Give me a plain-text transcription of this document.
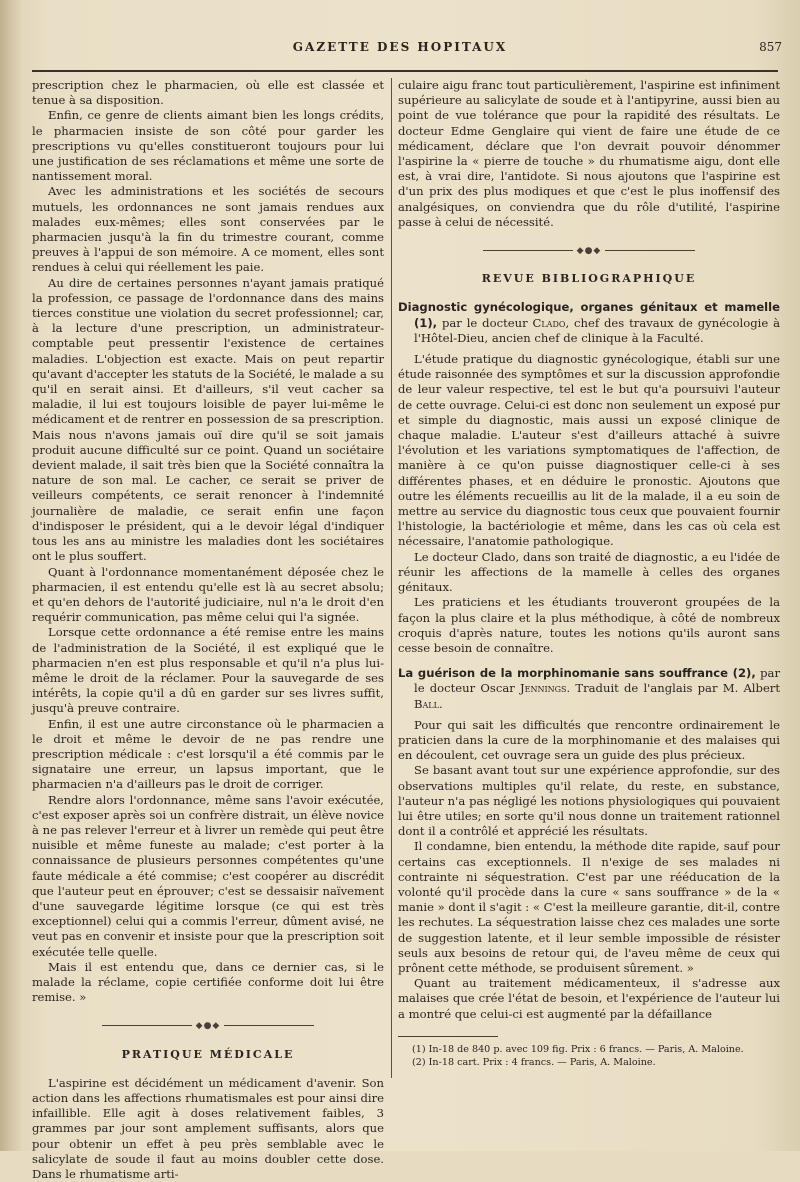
GAZETTE DES HOPITAUX	857

prescription chez le pharmacien, où elle est classée et tenue à sa disposition.

Enfin, ce genre de clients aimant bien les longs crédits, le pharmacien insiste de son côté pour garder les prescriptions vu qu'elles constitueront toujours pour lui une justification de ses réclamations et même une sorte de nantissement moral.

Avec les administrations et les sociétés de secours mutuels, les ordonnances ne sont jamais rendues aux malades eux-mêmes; elles sont conservées par le pharmacien jusqu'à la fin du trimestre courant, comme preuves à l'appui de son mémoire. A ce moment, elles sont rendues à celui qui réellement les paie.

Au dire de certaines personnes n'ayant jamais pratiqué la profession, ce passage de l'ordonnance dans des mains tierces constitue une violation du secret professionnel; car, à la lecture d'une prescription, un administrateur-comptable peut pressentir l'existence de certaines maladies. L'objection est exacte. Mais on peut repartir qu'avant d'accepter les statuts de la Société, le malade a su qu'il en serait ainsi. Et d'ailleurs, s'il veut cacher sa maladie, il lui est toujours loisible de payer lui-même le médicament et de rentrer en possession de sa prescription. Mais nous n'avons jamais ouï dire qu'il se soit jamais produit aucune difficulté sur ce point. Quand un sociétaire devient malade, il sait très bien que la Société connaîtra la nature de son mal. Le cacher, ce serait se priver de veilleurs compétents, ce serait renoncer à l'indemnité journalière de maladie, ce serait enfin une façon d'indisposer le président, qui a le devoir légal d'indiquer tous les ans au ministre les maladies dont les sociétaires ont le plus souffert.

Quant à l'ordonnance momentanément déposée chez le pharmacien, il est entendu qu'elle est là au secret absolu; et qu'en dehors de l'autorité judiciaire, nul n'a le droit d'en requérir communication, pas même celui qui l'a signée.

Lorsque cette ordonnance a été remise entre les mains de l'administration de la Société, il est expliqué que le pharmacien n'en est plus responsable et qu'il n'a plus lui-même le droit de la réclamer. Pour la sauvegarde de ses intérêts, la copie qu'il a dû en garder sur ses livres suffit, jusqu'à preuve contraire.

Enfin, il est une autre circonstance où le pharmacien a le droit et même le devoir de ne pas rendre une prescription médicale : c'est lorsqu'il a été commis par le signataire une erreur, un lapsus important, que le pharmacien n'a d'ailleurs pas le droit de corriger.

Rendre alors l'ordonnance, même sans l'avoir exécutée, c'est exposer après soi un confrère distrait, un élève novice à ne pas relever l'erreur et à livrer un remède qui peut être nuisible et même funeste au malade; c'est porter à la connaissance de plusieurs personnes compétentes qu'une faute médicale a été commise; c'est coopérer au discrédit que l'auteur peut en éprouver; c'est se dessaisir naïvement d'une sauvegarde légitime lorsque (ce qui est très exceptionnel) celui qui a commis l'erreur, dûment avisé, ne veut pas en convenir et insiste pour que la prescription soit exécutée telle quelle.

Mais il est entendu que, dans ce dernier cas, si le malade la réclame, copie certifiée conforme doit lui être remise. »

◆●◆
PRATIQUE MÉDICALE

L'aspirine est décidément un médicament d'avenir. Son action dans les affections rhumatismales est pour ainsi dire infaillible. Elle agit à doses relativement faibles, 3 grammes par jour sont amplement suffisants, alors que pour obtenir un effet à peu près semblable avec le salicylate de soude il faut au moins doubler cette dose. Dans le rhumatisme arti-

culaire aigu franc tout particulièrement, l'aspirine est infiniment supérieure au salicylate de soude et à l'antipyrine, aussi bien au point de vue tolérance que pour la rapidité des résultats. Le docteur Edme Genglaire qui vient de faire une étude de ce médicament, déclare que l'on devrait pouvoir dénommer l'aspirine la « pierre de touche » du rhumatisme aigu, dont elle est, à vrai dire, l'antidote. Si nous ajoutons que l'aspirine est d'un prix des plus modiques et que c'est le plus inoffensif des analgésiques, on conviendra que du rôle d'utilité, l'aspirine passe à celui de nécessité.

◆●◆
REVUE BIBLIOGRAPHIQUE
Diagnostic gynécologique, organes génitaux et mamelle (1), par le docteur Clado, chef des travaux de gynécologie à l'Hôtel-Dieu, ancien chef de clinique à la Faculté.

L'étude pratique du diagnostic gynécologique, établi sur une étude raisonnée des symptômes et sur la discussion approfondie de leur valeur respective, tel est le but qu'a poursuivi l'auteur de cette ouvrage. Celui-ci est donc non seulement un exposé pur et simple du diagnostic, mais aussi un exposé clinique de chaque maladie. L'auteur s'est d'ailleurs attaché à suivre l'évolution et les variations symptomatiques de l'affection, de manière à ce qu'on puisse diagnostiquer celle-ci à ses différentes phases, et en déduire le pronostic. Ajoutons que outre les éléments recueillis au lit de la malade, il a eu soin de mettre au service du diagnostic tous ceux que pouvaient fournir l'histologie, la bactériologie et même, dans les cas où cela est nécessaire, l'anatomie pathologique.

Le docteur Clado, dans son traité de diagnostic, a eu l'idée de réunir les affections de la mamelle à celles des organes génitaux.

Les praticiens et les étudiants trouveront groupées de la façon la plus claire et la plus méthodique, à côté de nombreux croquis d'après nature, toutes les notions qu'ils auront sans cesse besoin de connaître.

La guérison de la morphinomanie sans souffrance (2), par le docteur Oscar Jennings. Traduit de l'anglais par M. Albert Ball.

Pour qui sait les difficultés que rencontre ordinairement le praticien dans la cure de la morphinomanie et des malaises qui en découlent, cet ouvrage sera un guide des plus précieux.

Se basant avant tout sur une expérience approfondie, sur des observations multiples qu'il relate, du reste, en substance, l'auteur n'a pas négligé les notions physiologiques qui pouvaient lui être utiles; en sorte qu'il nous donne un traitement rationnel dont il a contrôlé et apprécié les résultats.

Il condamne, bien entendu, la méthode dite rapide, sauf pour certains cas exceptionnels. Il n'exige de ses malades ni contrainte ni séquestration. C'est par une rééducation de la volonté qu'il procède dans la cure « sans souffrance » de la « manie » dont il s'agit : « C'est la meilleure garantie, dit-il, contre les rechutes. La séquestration laisse chez ces malades une sorte de suggestion latente, et il leur semble impossible de résister seuls aux besoins de retour qui, de l'aveu même de ceux qui prônent cette méthode, se produisent sûrement. »

Quant au traitement médicamenteux, il s'adresse aux malaises que crée l'état de besoin, et l'expérience de l'auteur lui a montré que celui-ci est augmenté par la défaillance

(1) In-18 de 840 p. avec 109 fig. Prix : 6 francs. — Paris, A. Maloine.
(2) In-18 cart. Prix : 4 francs. — Paris, A. Maloine.
